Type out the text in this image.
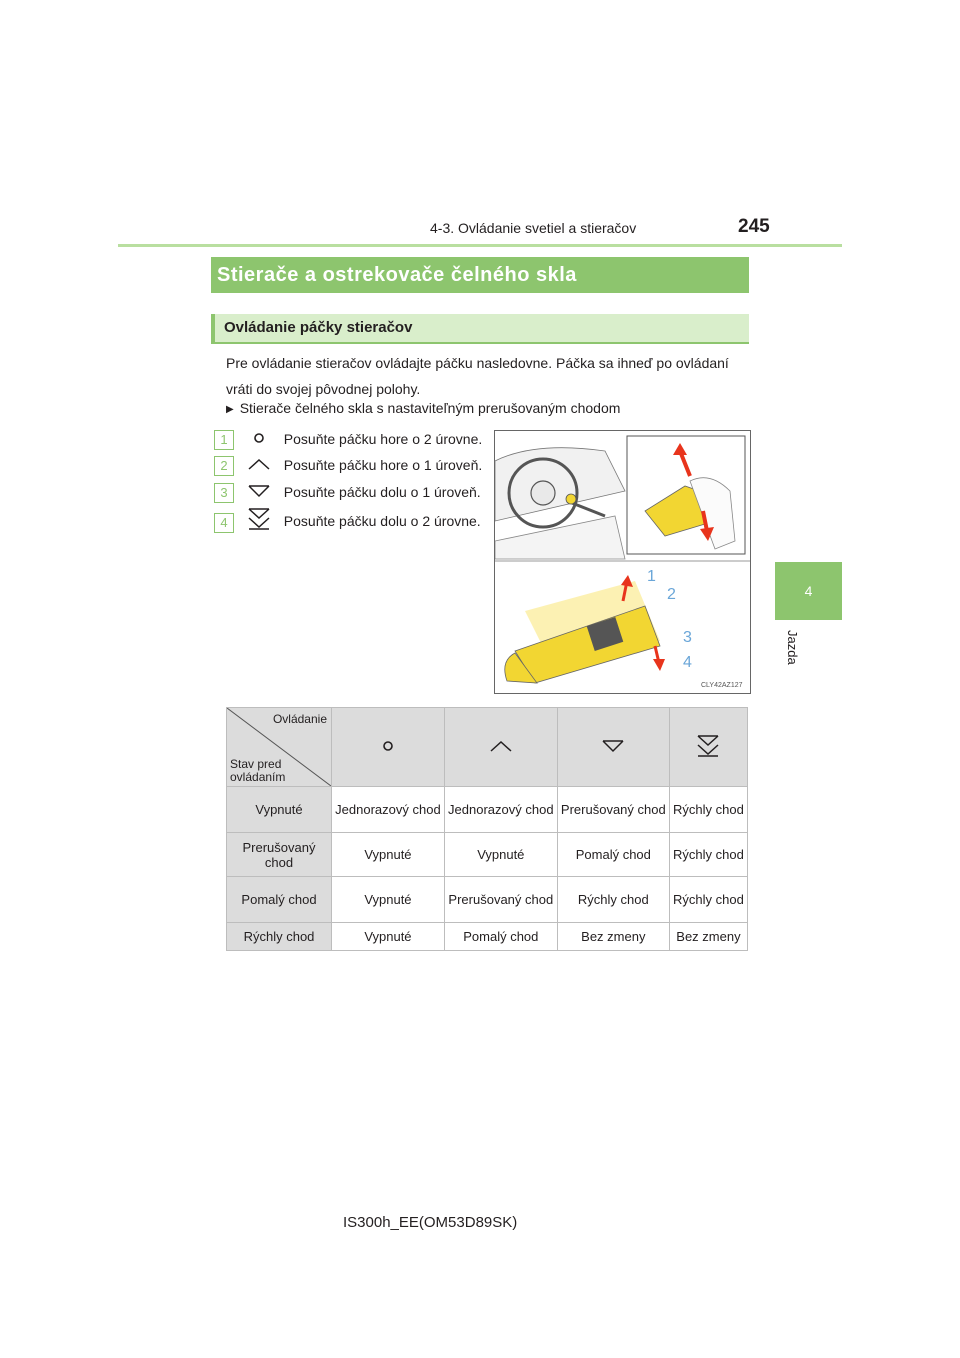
4-3. Ovládanie svetiel a stieračov	245
4
Jazda
Stierače a ostrekovače čelného skla
Ovládanie páčky stieračov
Pre ovládanie stieračov ovládajte páčku nasledovne. Páčka sa ihneď po ovládaní vráti do svojej pôvodnej polohy.
▶ Stierače čelného skla s nastaviteľným prerušovaným chodom
1	Posuňte páčku hore o 2 úrovne.
2	Posuňte páčku hore o 1 úroveň.
3	Posuňte páčku dolu o 1 úroveň.
4	Posuňte páčku dolu o 2 úrovne.
1
2
3
4
CLY42AZ127
Ovládanie
Stav pred ovládaním

Vypnuté	Jednorazový chod	Jednorazový chod	Prerušovaný chod	Rýchly chod
Prerušovaný chod	Vypnuté	Vypnuté	Pomalý chod	Rýchly chod
Pomalý chod	Vypnuté	Prerušovaný chod	Rýchly chod	Rýchly chod
Rýchly chod	Vypnuté	Pomalý chod	Bez zmeny	Bez zmeny
IS300h_EE(OM53D89SK)
